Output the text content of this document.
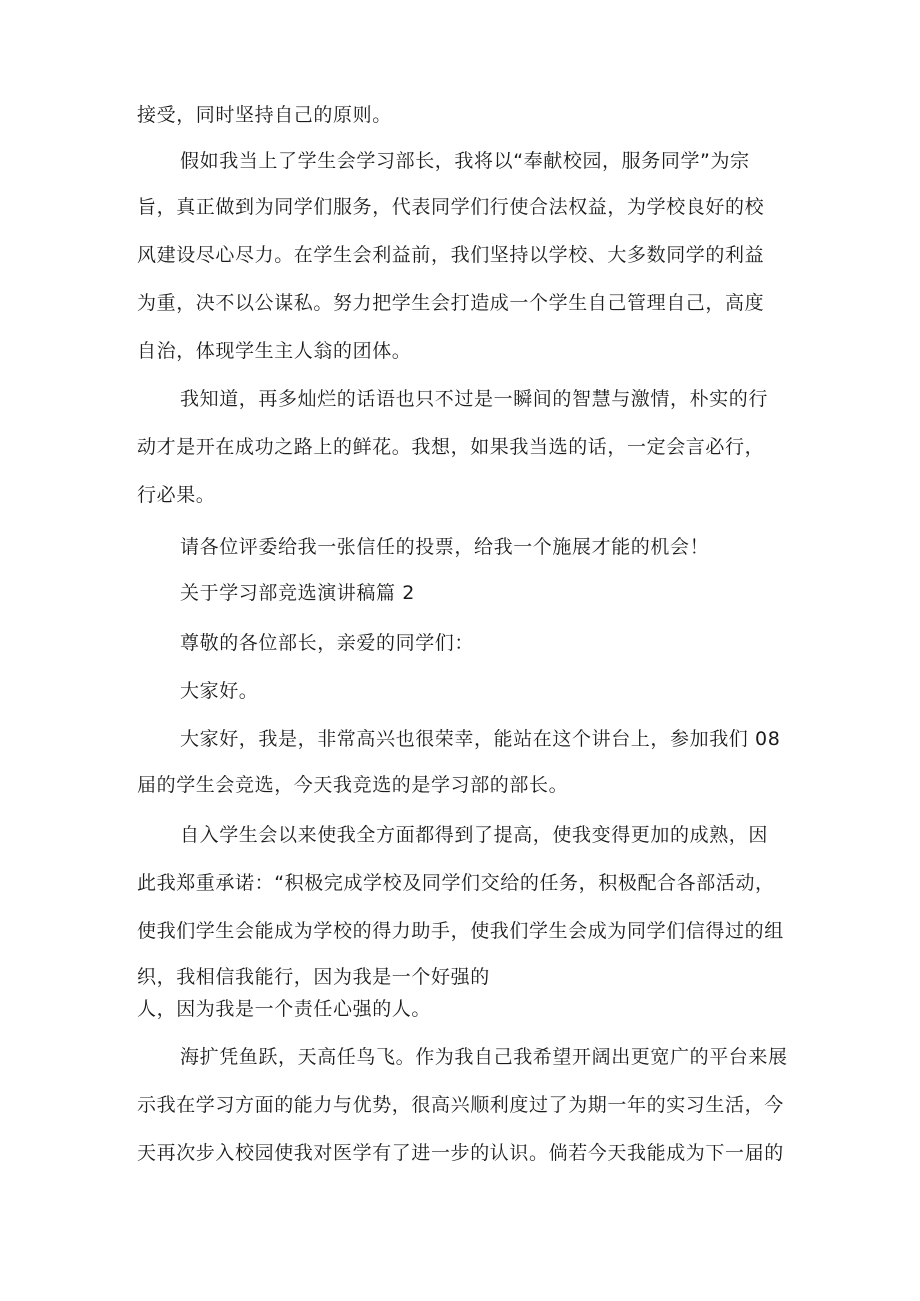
接受，同时坚持自己的原则。
假如我当上了学生会学习部长，我将以“奉献校园，服务同学”为宗
旨，真正做到为同学们服务，代表同学们行使合法权益，为学校良好的校
风建设尽心尽力。在学生会利益前，我们坚持以学校、大多数同学的利益
为重，决不以公谋私。努力把学生会打造成一个学生自己管理自己，高度
自治，体现学生主人翁的团体。
我知道，再多灿烂的话语也只不过是一瞬间的智慧与激情，朴实的行
动才是开在成功之路上的鲜花。我想，如果我当选的话，一定会言必行，
行必果。
请各位评委给我一张信任的投票，给我一个施展才能的机会！
关于学习部竞选演讲稿篇 2
尊敬的各位部长，亲爱的同学们：
大家好。
大家好，我是，非常高兴也很荣幸，能站在这个讲台上，参加我们 08
届的学生会竞选，今天我竞选的是学习部的部长。
自入学生会以来使我全方面都得到了提高，使我变得更加的成熟，因
此我郑重承诺：“积极完成学校及同学们交给的任务，积极配合各部活动，
使我们学生会能成为学校的得力助手，使我们学生会成为同学们信得过的组
织，我相信我能行，因为我是一个好强的
人，因为我是一个责任心强的人。
海扩凭鱼跃，天高任鸟飞。作为我自己我希望开阔出更宽广的平台来展
示我在学习方面的能力与优势，很高兴顺利度过了为期一年的实习生活，今
天再次步入校园使我对医学有了进一步的认识。倘若今天我能成为下一届的
